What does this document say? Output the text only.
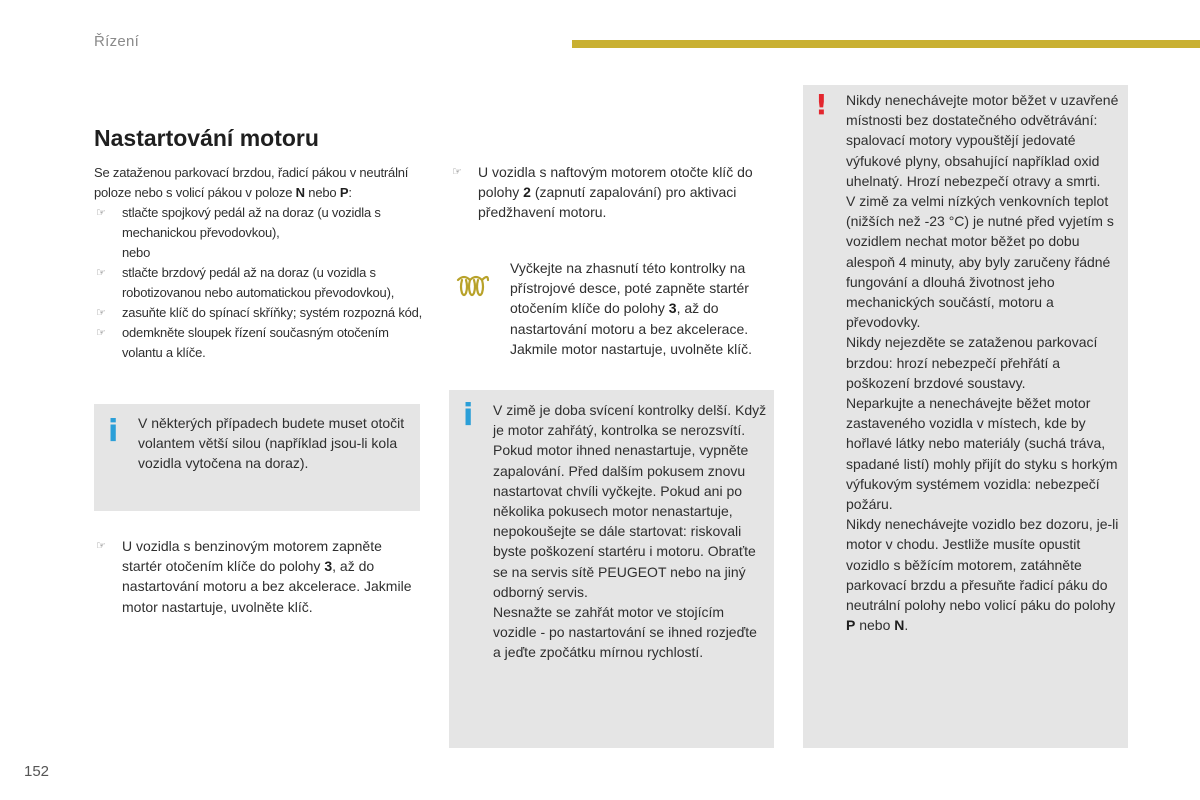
Řízení
Nastartování motoru
Se zataženou parkovací brzdou, řadicí pákou v neutrální poloze nebo s volicí pákou v poloze N nebo P:
☞ stlačte spojkový pedál až na doraz (u vozidla s mechanickou převodovkou),
nebo
☞ stlačte brzdový pedál až na doraz (u vozidla s robotizovanou nebo automatickou převodovkou),
☞ zasuňte klíč do spínací skříňky; systém rozpozná kód,
☞ odemkněte sloupek řízení současným otočením volantu a klíče.
i V některých případech budete muset otočit volantem větší silou (například jsou-li kola vozidla vytočena na doraz).
☞ U vozidla s benzinovým motorem zapněte startér otočením klíče do polohy 3, až do nastartování motoru a bez akcelerace. Jakmile motor nastartuje, uvolněte klíč.
☞ U vozidla s naftovým motorem otočte klíč do polohy 2 (zapnutí zapalování) pro aktivaci předžhavení motoru.
Vyčkejte na zhasnutí této kontrolky na přístrojové desce, poté zapněte startér otočením klíče do polohy 3, až do nastartování motoru a bez akcelerace. Jakmile motor nastartuje, uvolněte klíč.
i V zimě je doba svícení kontrolky delší. Když je motor zahřátý, kontrolka se nerozsvítí.
Pokud motor ihned nenastartuje, vypněte zapalování. Před dalším pokusem znovu nastartovat chvíli vyčkejte. Pokud ani po několika pokusech motor nenastartuje, nepokoušejte se dále startovat: riskovali byste poškození startéru i motoru. Obraťte se na servis sítě PEUGEOT nebo na jiný odborný servis.
Nesnažte se zahřát motor ve stojícím vozidle - po nastartování se ihned rozjeďte a jeďte zpočátku mírnou rychlostí.
! Nikdy nenechávejte motor běžet v uzavřené místnosti bez dostatečného odvětrávání: spalovací motory vypouštějí jedovaté výfukové plyny, obsahující například oxid uhelnatý. Hrozí nebezpečí otravy a smrti.
V zimě za velmi nízkých venkovních teplot (nižších než -23 °C) je nutné před vyjetím s vozidlem nechat motor běžet po dobu alespoň 4 minuty, aby byly zaručeny řádné fungování a dlouhá životnost jeho mechanických součástí, motoru a převodovky.
Nikdy nejezděte se zataženou parkovací brzdou: hrozí nebezpečí přehřátí a poškození brzdové soustavy.
Neparkujte a nenechávejte běžet motor zastaveného vozidla v místech, kde by hořlavé látky nebo materiály (suchá tráva, spadané listí) mohly přijít do styku s horkým výfukovým systémem vozidla: nebezpečí požáru.
Nikdy nenechávejte vozidlo bez dozoru, je-li motor v chodu. Jestliže musíte opustit vozidlo s běžícím motorem, zatáhněte parkovací brzdu a přesuňte řadicí páku do neutrální polohy nebo volicí páku do polohy P nebo N.
152
